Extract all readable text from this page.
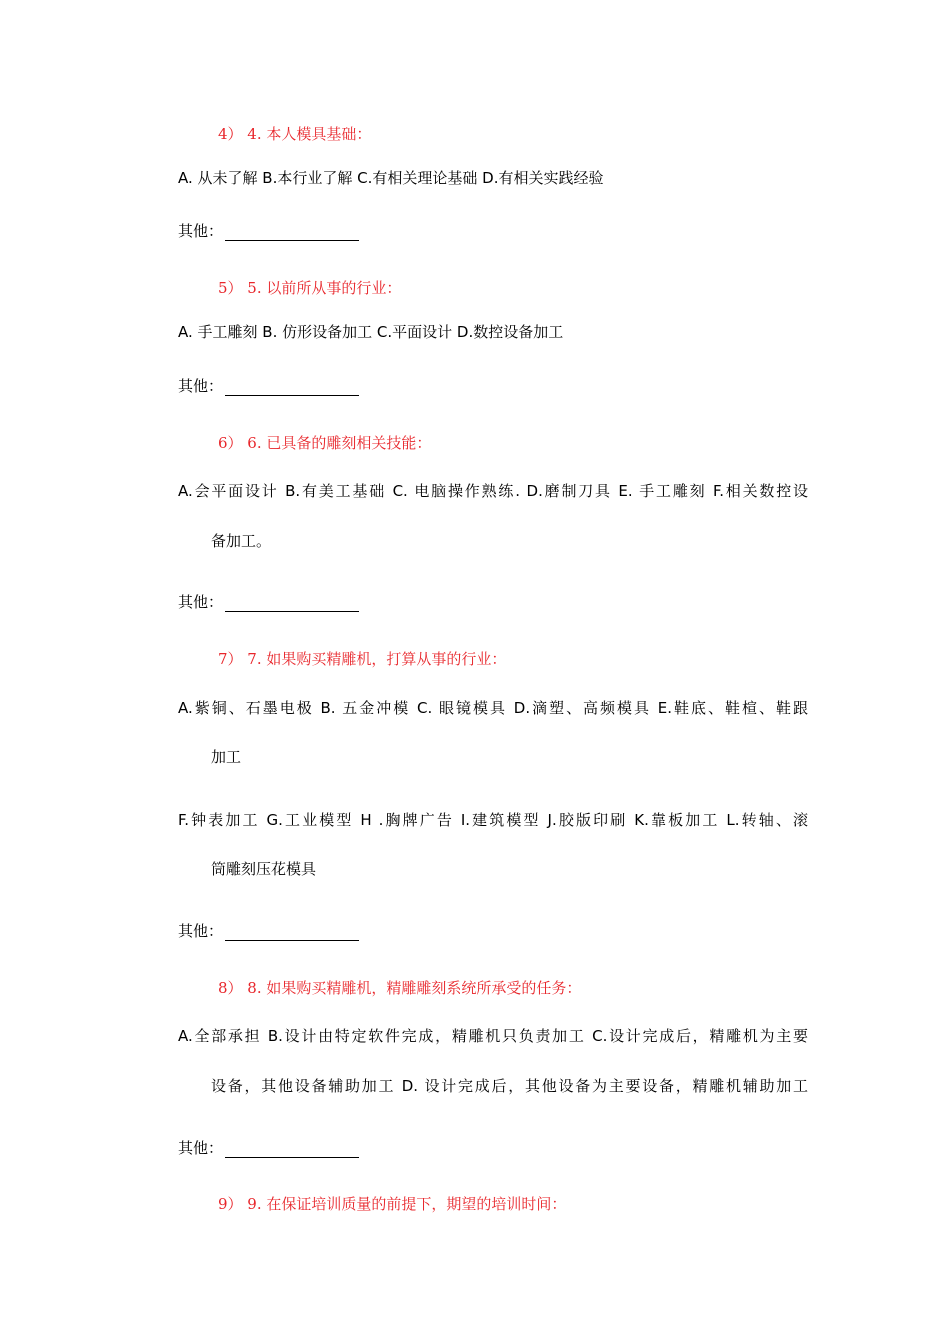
4） 4. 本人模具基础：
A. 从未了解 B.本行业了解 C.有相关理论基础 D.有相关实践经验
其他：
5） 5. 以前所从事的行业：
A. 手工雕刻 B. 仿形设备加工 C.平面设计 D.数控设备加工
其他：
6） 6. 已具备的雕刻相关技能：
A.会平面设计 B.有美工基础 C. 电脑操作熟练. D.磨制刀具 E. 手工雕刻 F.相关数控设
备加工。
其他：
7） 7. 如果购买精雕机，打算从事的行业：
A.紫铜、石墨电极 B. 五金冲模 C. 眼镜模具 D.滴塑、高频模具 E.鞋底、鞋楦、鞋跟
加工
F.钟表加工 G.工业模型 H .胸牌广告 I.建筑模型 J.胶版印刷 K.靠板加工 L.转轴、滚
筒雕刻压花模具
其他：
8） 8. 如果购买精雕机，精雕雕刻系统所承受的任务：
A.全部承担 B.设计由特定软件完成，精雕机只负责加工 C.设计完成后，精雕机为主要
设备，其他设备辅助加工 D. 设计完成后，其他设备为主要设备，精雕机辅助加工
其他：
9） 9. 在保证培训质量的前提下，期望的培训时间：
